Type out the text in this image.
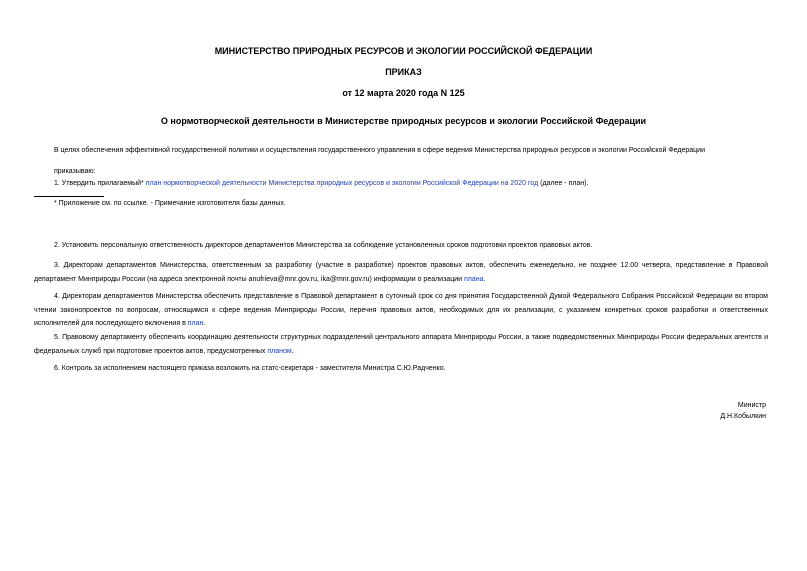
МИНИСТЕРСТВО ПРИРОДНЫХ РЕСУРСОВ И ЭКОЛОГИИ РОССИЙСКОЙ ФЕДЕРАЦИИ
ПРИКАЗ
от 12 марта 2020 года N 125
О нормотворческой деятельности в Министерстве природных ресурсов и экологии Российской Федерации
В целях обеспечения эффективной государственной политики и осуществления государственного управления в сфере ведения Министерства природных ресурсов и экологии Российской Федерации
приказываю:
1. Утвердить прилагаемый* план нормотворческой деятельности Министерства природных ресурсов и экологии Российской Федерации на 2020 год (далее - план).
* Приложение см. по ссылке. - Примечание изготовителя базы данных.
2. Установить персональную ответственность директоров департаментов Министерства за соблюдение установленных сроков подготовки проектов правовых актов.
3. Директорам департаментов Министерства, ответственным за разработку (участие в разработке) проектов правовых актов, обеспечить еженедельно, не позднее 12.00 четверга, представление в Правовой департамент Минприроды России (на адреса электронной почты anufrieva@mnr.gov.ru, ika@mnr.gov.ru) информации о реализации плана.
4. Директорам департаментов Министерства обеспечить представление в Правовой департамент в суточный срок со дня принятия Государственной Думой Федерального Собрания Российской Федерации во втором чтении законопроектов по вопросам, относящимся к сфере ведения Минприроды России, перечня правовых актов, необходимых для их реализации, с указанием конкретных сроков разработки и ответственных исполнителей для последующего включения в план.
5. Правовому департаменту обеспечить координацию деятельности структурных подразделений центрального аппарата Минприроды России, а также подведомственных Минприроды России федеральных агентств и федеральных служб при подготовке проектов актов, предусмотренных планом.
6. Контроль за исполнением настоящего приказа возложить на статс-секретаря - заместителя Министра С.Ю.Радченко.
Министр
Д.Н.Кобылкин
